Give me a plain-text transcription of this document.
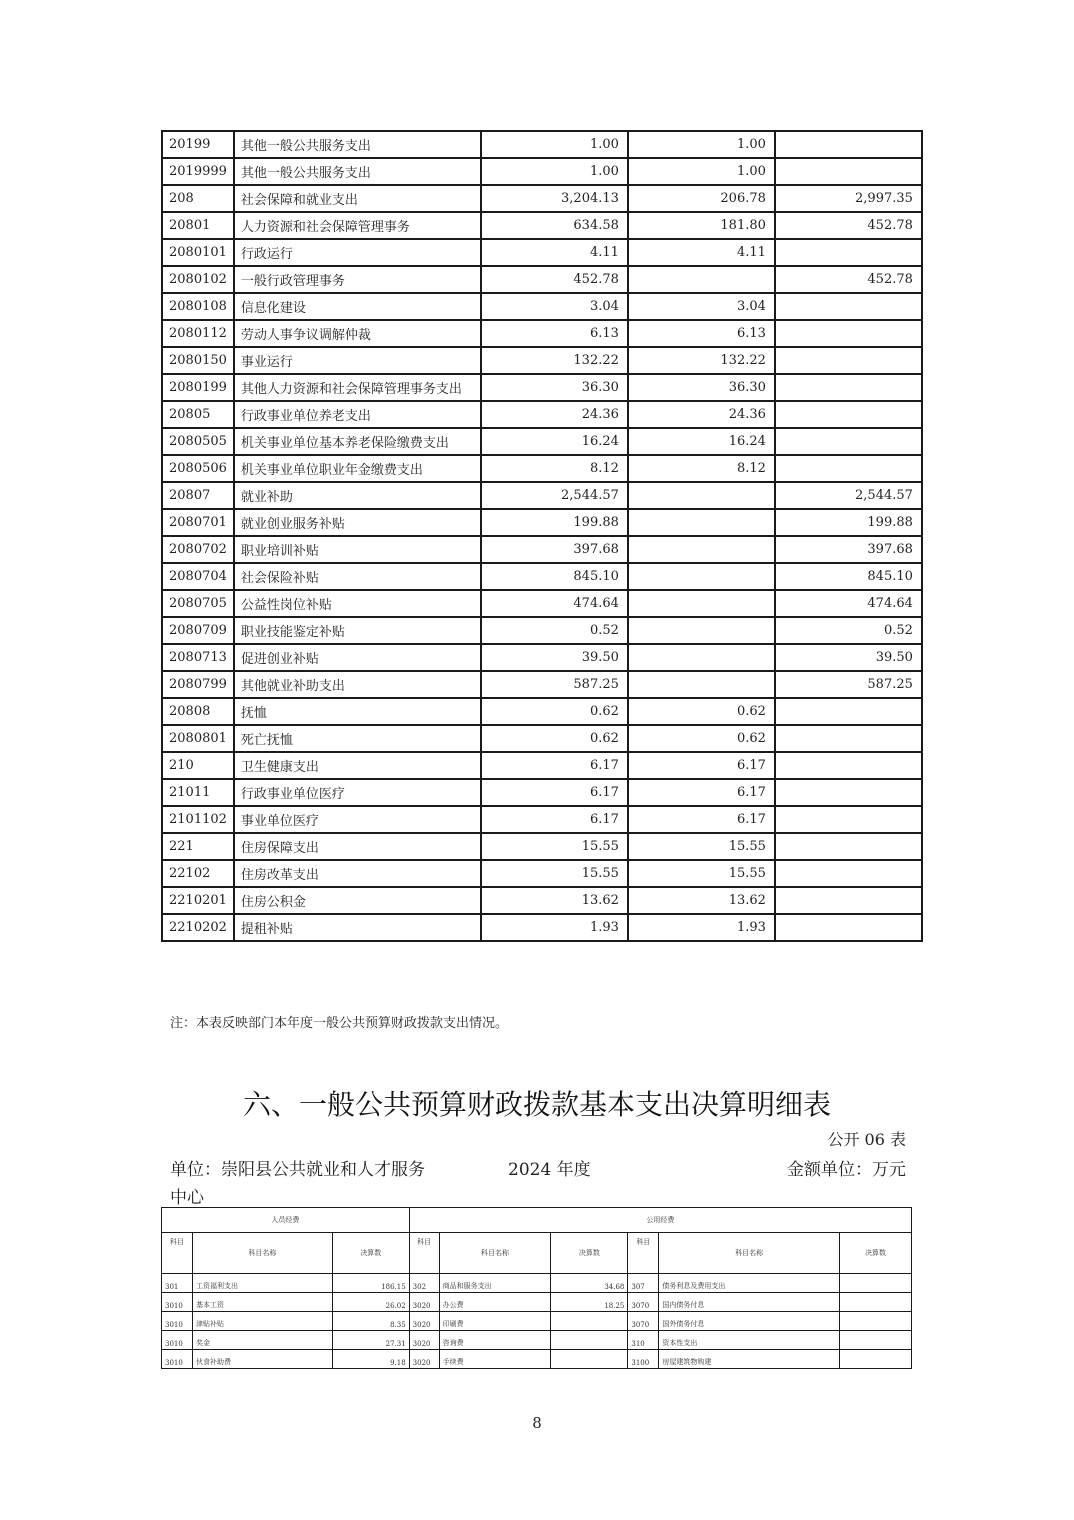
20199	其他一般公共服务支出	1.00	1.00	
2019999	其他一般公共服务支出	1.00	1.00	
208	社会保障和就业支出	3,204.13	206.78	2,997.35
20801	人力资源和社会保障管理事务	634.58	181.80	452.78
2080101	行政运行	4.11	4.11	
2080102	一般行政管理事务	452.78		452.78
2080108	信息化建设	3.04	3.04	
2080112	劳动人事争议调解仲裁	6.13	6.13	
2080150	事业运行	132.22	132.22	
2080199	其他人力资源和社会保障管理事务支出	36.30	36.30	
20805	行政事业单位养老支出	24.36	24.36	
2080505	机关事业单位基本养老保险缴费支出	16.24	16.24	
2080506	机关事业单位职业年金缴费支出	8.12	8.12	
20807	就业补助	2,544.57		2,544.57
2080701	就业创业服务补贴	199.88		199.88
2080702	职业培训补贴	397.68		397.68
2080704	社会保险补贴	845.10		845.10
2080705	公益性岗位补贴	474.64		474.64
2080709	职业技能鉴定补贴	0.52		0.52
2080713	促进创业补贴	39.50		39.50
2080799	其他就业补助支出	587.25		587.25
20808	抚恤	0.62	0.62	
2080801	死亡抚恤	0.62	0.62	
210	卫生健康支出	6.17	6.17	
21011	行政事业单位医疗	6.17	6.17	
2101102	事业单位医疗	6.17	6.17	
221	住房保障支出	15.55	15.55	
22102	住房改革支出	15.55	15.55	
2210201	住房公积金	13.62	13.62	
2210202	提租补贴	1.93	1.93	
注：本表反映部门本年度一般公共预算财政拨款支出情况。
六、一般公共预算财政拨款基本支出决算明细表
公开 06 表
单位：崇阳县公共就业和人才服务	2024 年度	金额单位：万元
中心
人员经费			公用经费					
科目	科目名称	决算数	科目	科目名称	决算数	科目	科目名称	决算数
301	工资福利支出	186.15	302	商品和服务支出	34.68	307	债务利息及费用支出	
3010	基本工资	26.02	3020	办公费	18.25	3070	国内债务付息	
3010	津贴补贴	8.35	3020	印刷费		3070	国外债务付息	
3010	奖金	27.31	3020	咨询费		310	资本性支出	
3010	伙食补助费	9.18	3020	手续费		3100	房屋建筑物购建	
8
